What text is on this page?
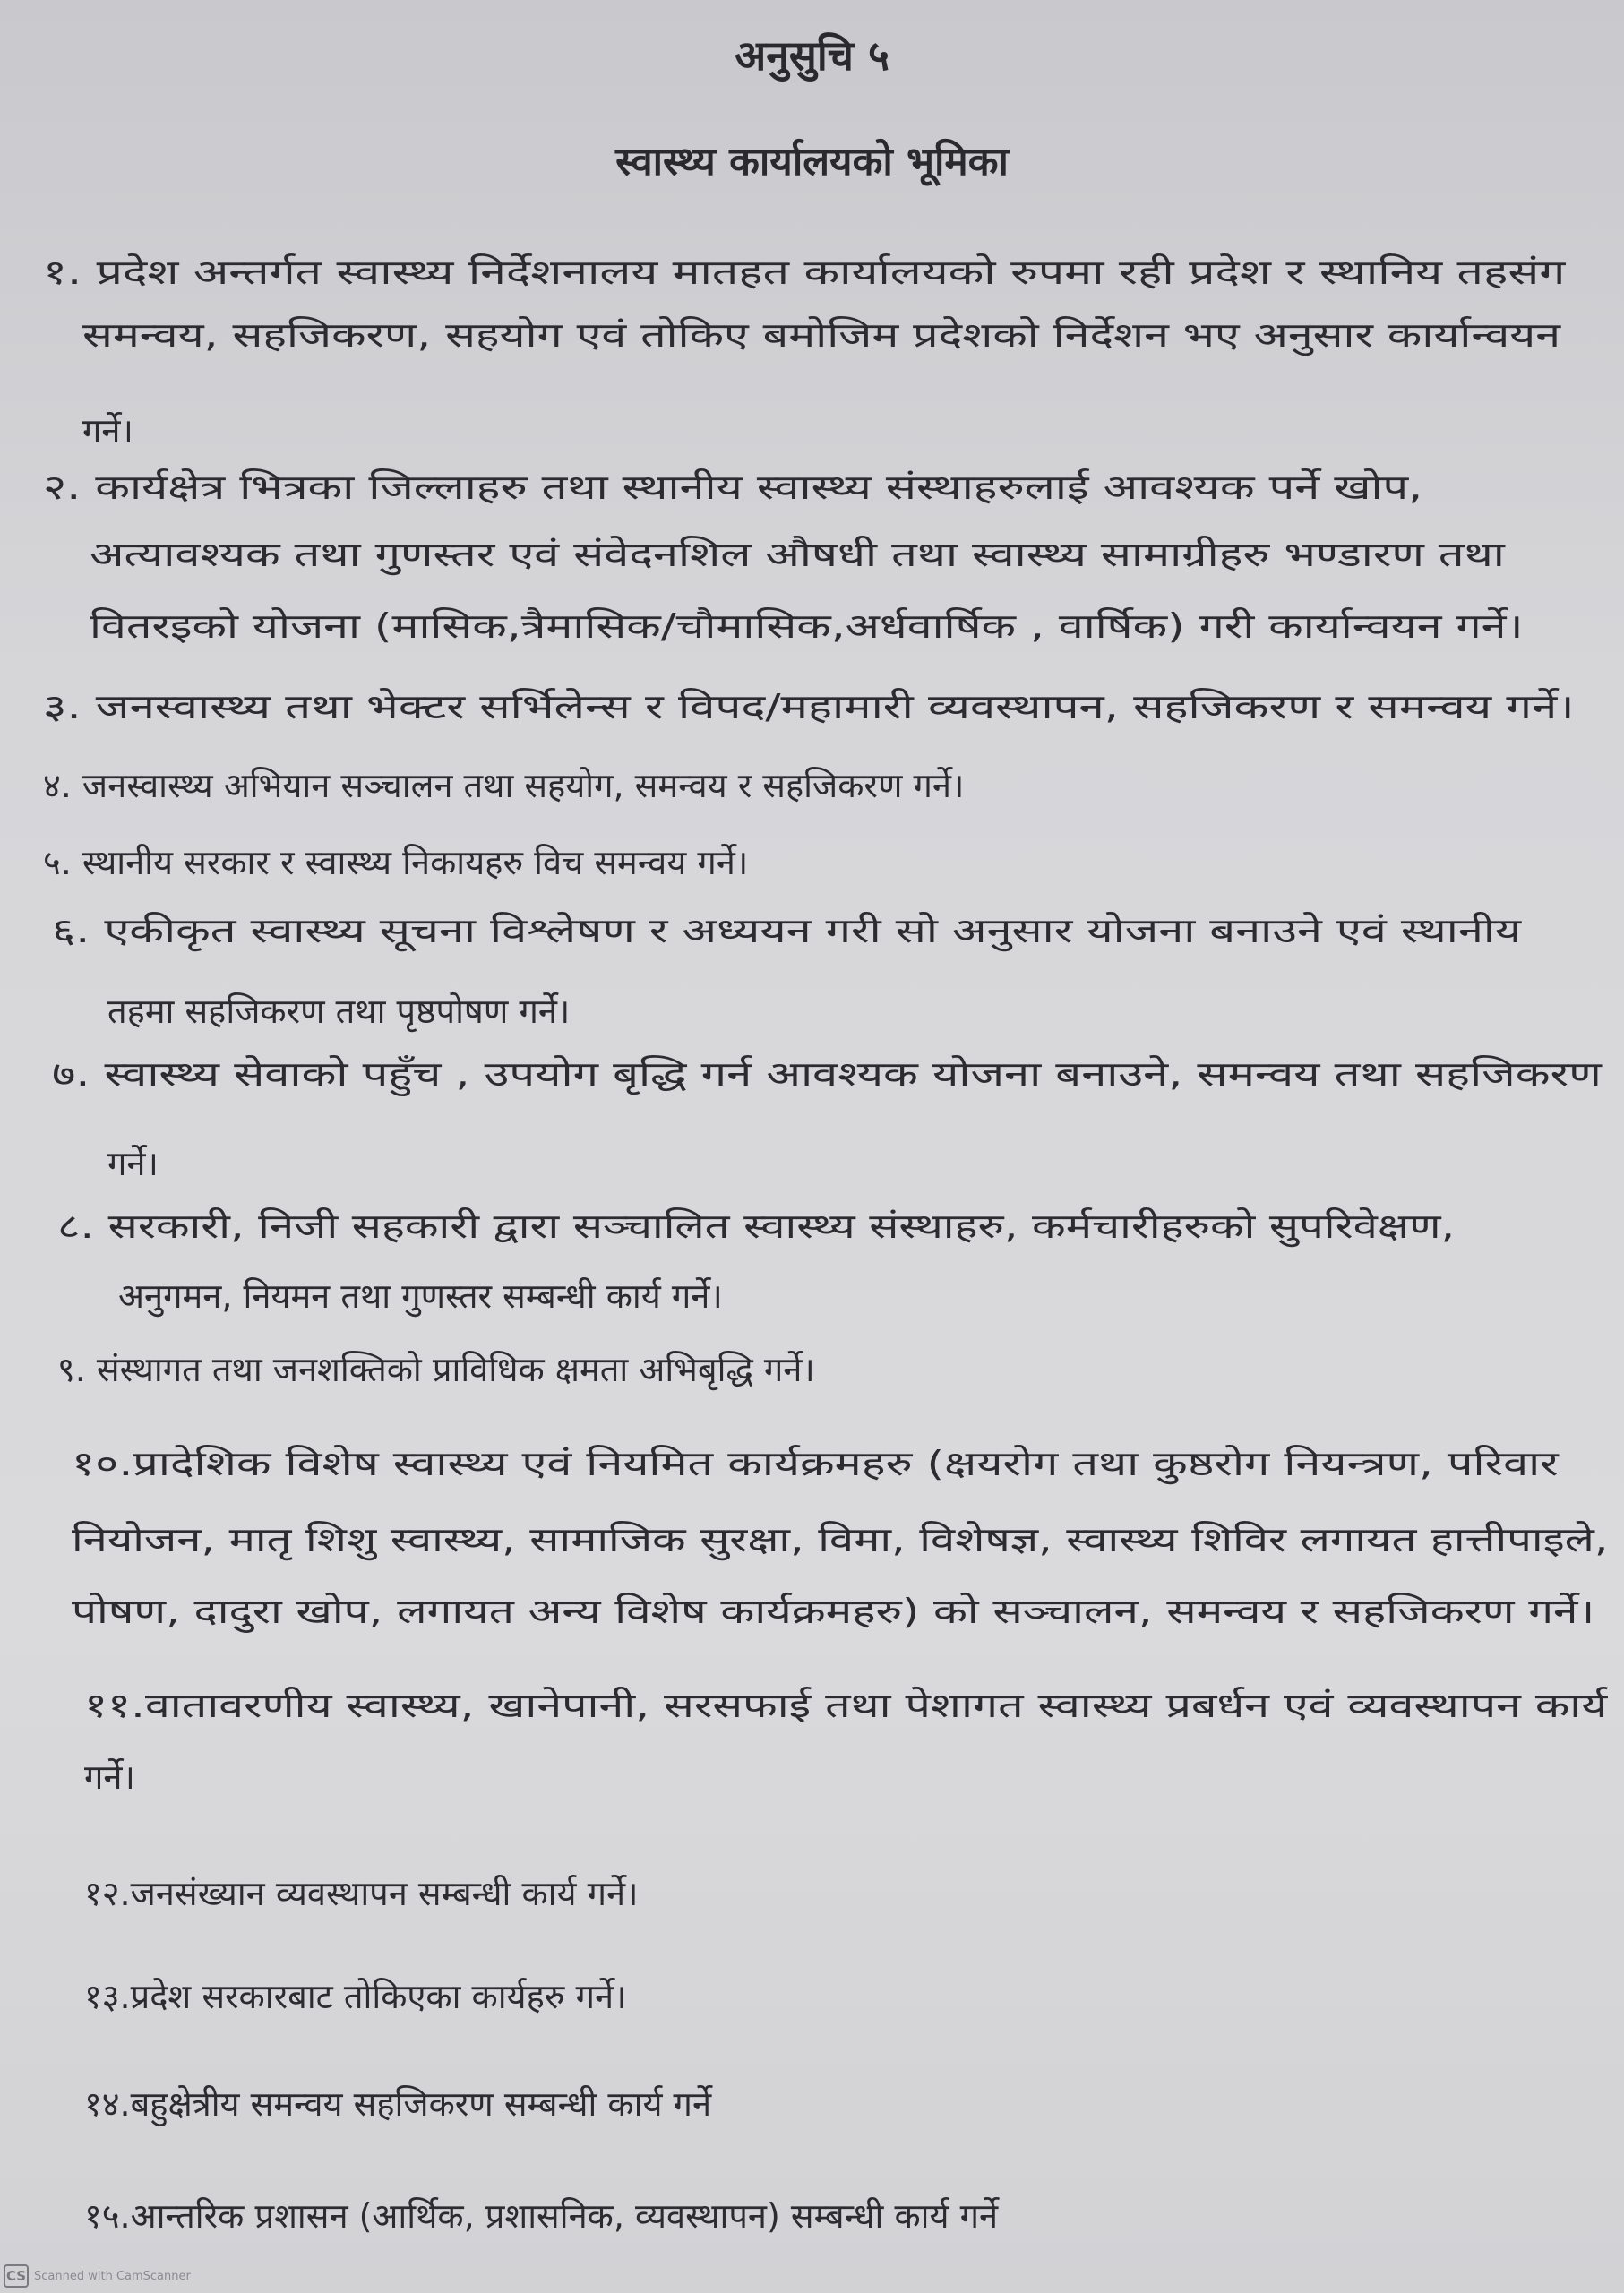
अनुसुचि ५
स्वास्थ्य कार्यालयको भूमिका
१. प्रदेश अन्तर्गत स्वास्थ्य निर्देशनालय मातहत कार्यालयको रुपमा रही प्रदेश र स्थानिय तहसंग
समन्वय, सहजिकरण, सहयोग एवं तोकिए बमोजिम प्रदेशको निर्देशन भए अनुसार कार्यान्वयन
गर्ने।
२. कार्यक्षेत्र भित्रका जिल्लाहरु तथा स्थानीय स्वास्थ्य संस्थाहरुलाई आवश्यक पर्ने खोप,
अत्यावश्यक तथा गुणस्तर एवं संवेदनशिल औषधी तथा स्वास्थ्य सामाग्रीहरु भण्डारण तथा
वितरइको योजना (मासिक,त्रैमासिक/चौमासिक,अर्धवार्षिक , वार्षिक) गरी कार्यान्वयन गर्ने।
३. जनस्वास्थ्य तथा भेक्टर सर्भिलेन्स र विपद/महामारी व्यवस्थापन, सहजिकरण र समन्वय गर्ने।
४. जनस्वास्थ्य अभियान सञ्चालन तथा सहयोग, समन्वय र सहजिकरण गर्ने।
५. स्थानीय सरकार र स्वास्थ्य निकायहरु विच समन्वय गर्ने।
६. एकीकृत स्वास्थ्य सूचना विश्लेषण र अध्ययन गरी सो अनुसार योजना बनाउने एवं स्थानीय
तहमा सहजिकरण तथा पृष्ठपोषण गर्ने।
७. स्वास्थ्य सेवाको पहुँच , उपयोग बृद्धि गर्न आवश्यक योजना बनाउने, समन्वय तथा सहजिकरण
गर्ने।
८. सरकारी, निजी सहकारी द्वारा सञ्चालित स्वास्थ्य संस्थाहरु, कर्मचारीहरुको सुपरिवेक्षण,
अनुगमन, नियमन तथा गुणस्तर सम्बन्धी कार्य गर्ने।
९. संस्थागत तथा जनशक्तिको प्राविधिक क्षमता अभिबृद्धि गर्ने।
१०.प्रादेशिक विशेष स्वास्थ्य एवं नियमित कार्यक्रमहरु (क्षयरोग तथा कुष्ठरोग नियन्त्रण, परिवार
नियोजन, मातृ शिशु स्वास्थ्य, सामाजिक सुरक्षा, विमा, विशेषज्ञ, स्वास्थ्य शिविर लगायत हात्तीपाइले,
पोषण, दादुरा खोप, लगायत अन्य विशेष कार्यक्रमहरु) को सञ्चालन, समन्वय र सहजिकरण गर्ने।
११.वातावरणीय स्वास्थ्य, खानेपानी, सरसफाई तथा पेशागत स्वास्थ्य प्रबर्धन एवं व्यवस्थापन कार्य
गर्ने।
१२.जनसंख्यान व्यवस्थापन सम्बन्धी कार्य गर्ने।
१३.प्रदेश सरकारबाट तोकिएका कार्यहरु गर्ने।
१४.बहुक्षेत्रीय समन्वय सहजिकरण सम्बन्धी कार्य गर्ने
१५.आन्तरिक प्रशासन (आर्थिक, प्रशासनिक, व्यवस्थापन) सम्बन्धी कार्य गर्ने
CS Scanned with CamScanner
